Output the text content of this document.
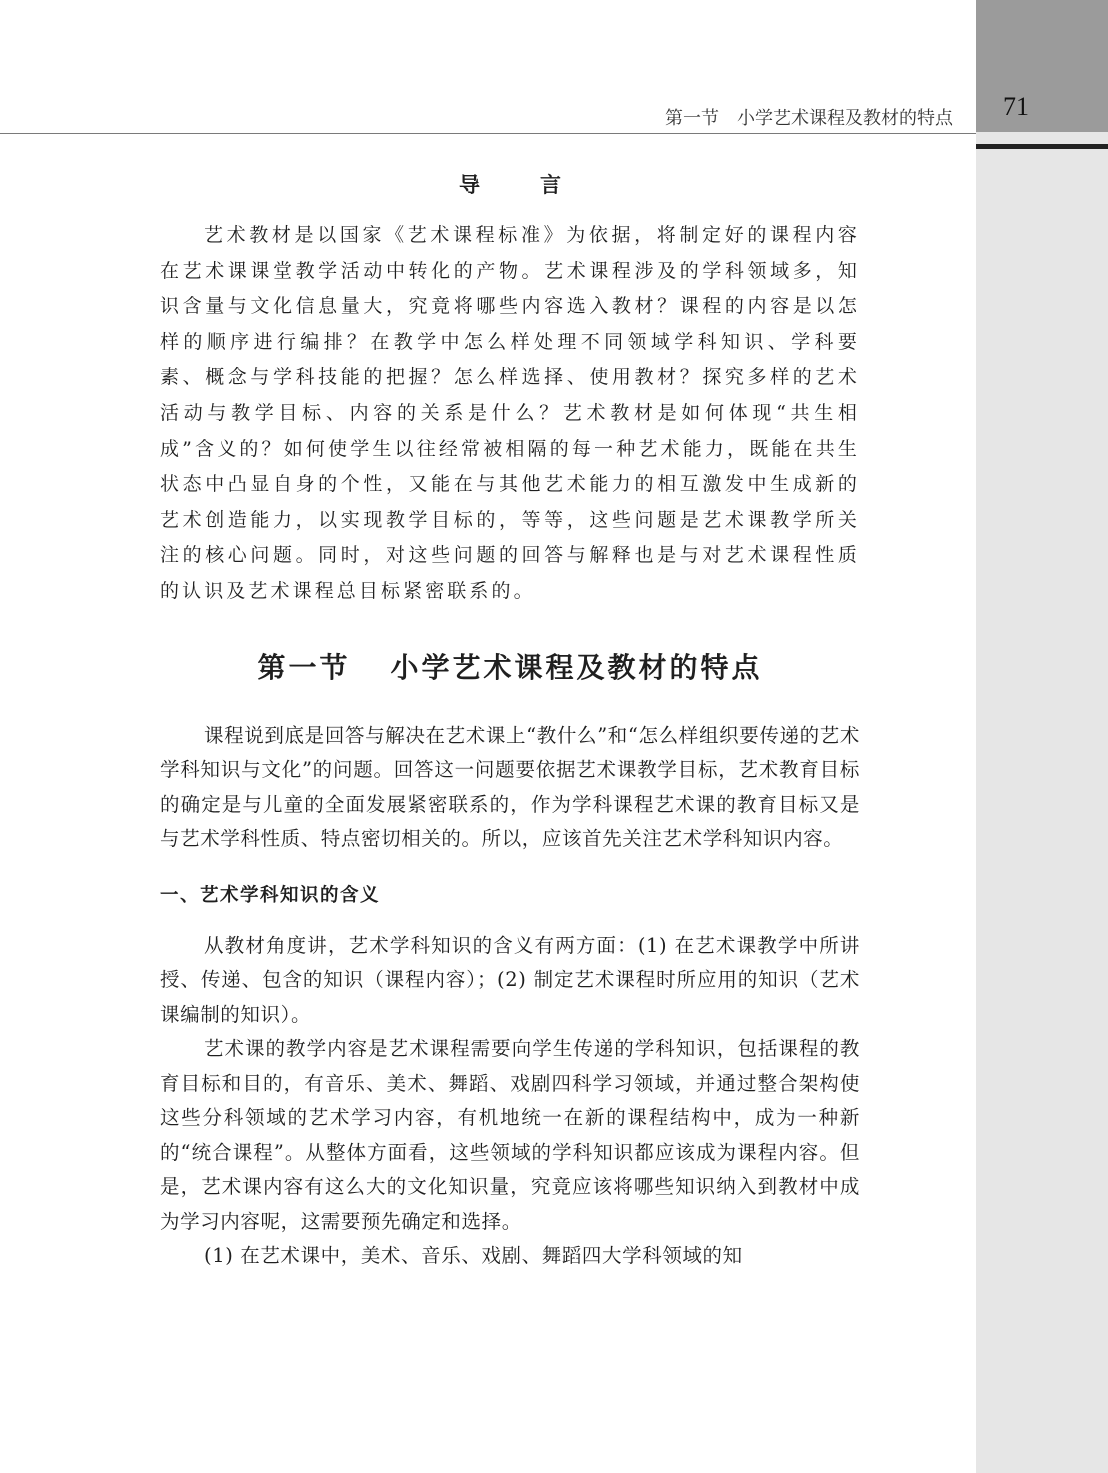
71
第一节　小学艺术课程及教材的特点
导	言

艺术教材是以国家《艺术课程标准》为依据，将制定好的课程内容在艺术课课堂教学活动中转化的产物。艺术课程涉及的学科领域多，知识含量与文化信息量大，究竟将哪些内容选入教材？课程的内容是以怎样的顺序进行编排？在教学中怎么样处理不同领域学科知识、学科要素、概念与学科技能的把握？怎么样选择、使用教材？探究多样的艺术活动与教学目标、内容的关系是什么？艺术教材是如何体现“共生相成”含义的？如何使学生以往经常被相隔的每一种艺术能力，既能在共生状态中凸显自身的个性，又能在与其他艺术能力的相互激发中生成新的艺术创造能力，以实现教学目标的，等等，这些问题是艺术课教学所关注的核心问题。同时，对这些问题的回答与解释也是与对艺术课程性质的认识及艺术课程总目标紧密联系的。

第一节 小学艺术课程及教材的特点

课程说到底是回答与解决在艺术课上“教什么”和“怎么样组织要传递的艺术学科知识与文化”的问题。回答这一问题要依据艺术课教学目标，艺术教育目标的确定是与儿童的全面发展紧密联系的，作为学科课程艺术课的教育目标又是与艺术学科性质、特点密切相关的。所以，应该首先关注艺术学科知识内容。

一、艺术学科知识的含义

从教材角度讲，艺术学科知识的含义有两方面：(1) 在艺术课教学中所讲授、传递、包含的知识（课程内容）；(2) 制定艺术课程时所应用的知识（艺术课编制的知识）。

艺术课的教学内容是艺术课程需要向学生传递的学科知识，包括课程的教育目标和目的，有音乐、美术、舞蹈、戏剧四科学习领域，并通过整合架构使这些分科领域的艺术学习内容，有机地统一在新的课程结构中，成为一种新的“统合课程”。从整体方面看，这些领域的学科知识都应该成为课程内容。但是，艺术课内容有这么大的文化知识量，究竟应该将哪些知识纳入到教材中成为学习内容呢，这需要预先确定和选择。

(1) 在艺术课中，美术、音乐、戏剧、舞蹈四大学科领域的知
